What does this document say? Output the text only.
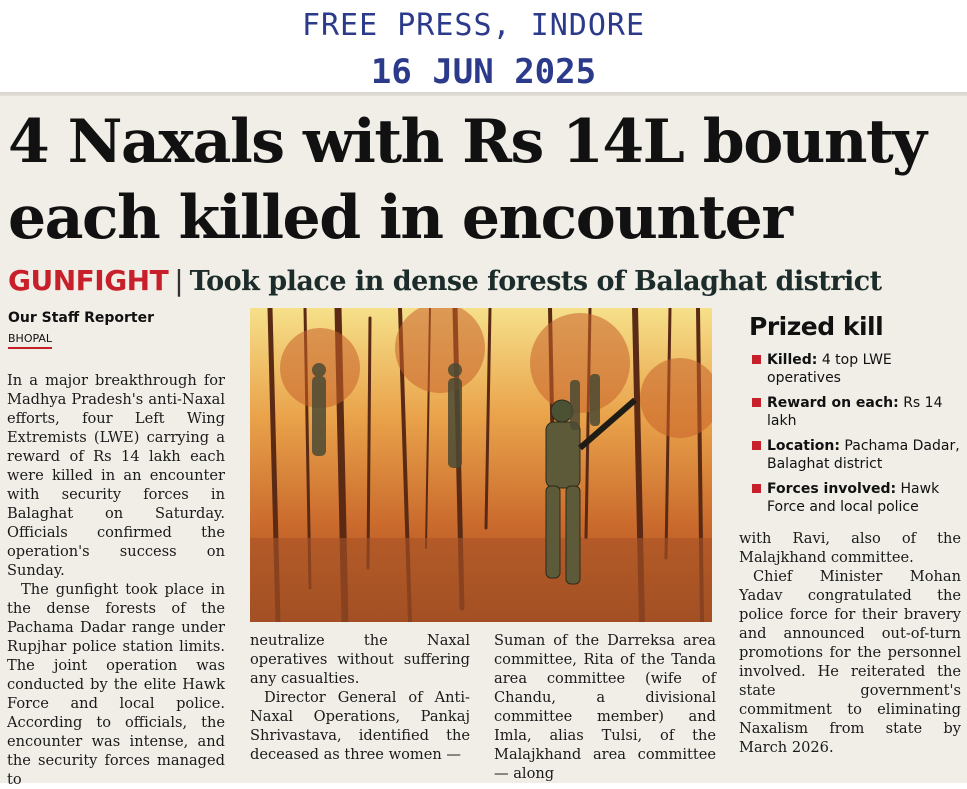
FREE PRESS, INDORE
16 JUN 2025
4 Naxals with Rs 14L bounty each killed in encounter
GUNFIGHT | Took place in dense forests of Balaghat district
Our Staff Reporter
BHOPAL

In a major breakthrough for Madhya Pradesh's anti-Naxal efforts, four Left Wing Extremists (LWE) carrying a reward of Rs 14 lakh each were killed in an encounter with security forces in Balaghat on Saturday. Officials confirmed the operation's success on Sunday.

The gunfight took place in the dense forests of the Pachama Dadar range under Rupjhar police station limits. The joint operation was conducted by the elite Hawk Force and local police. According to officials, the encounter was intense, and the security forces managed to

Prized kill
Killed: 4 top LWE operatives
Reward on each: Rs 14 lakh
Location: Pachama Dadar, Balaghat district
Forces involved: Hawk Force and local police

neutralize the Naxal operatives without suffering any casualties.

Director General of Anti-Naxal Operations, Pankaj Shrivastava, identified the deceased as three women —

Suman of the Darreksa area committee, Rita of the Tanda area committee (wife of Chandu, a divisional committee member) and Imla, alias Tulsi, of the Malajkhand area committee — along

with Ravi, also of the Malajkhand committee.

Chief Minister Mohan Yadav congratulated the police force for their bravery and announced out-of-turn promotions for the personnel involved. He reiterated the state government's commitment to eliminating Naxalism from state by March 2026.
